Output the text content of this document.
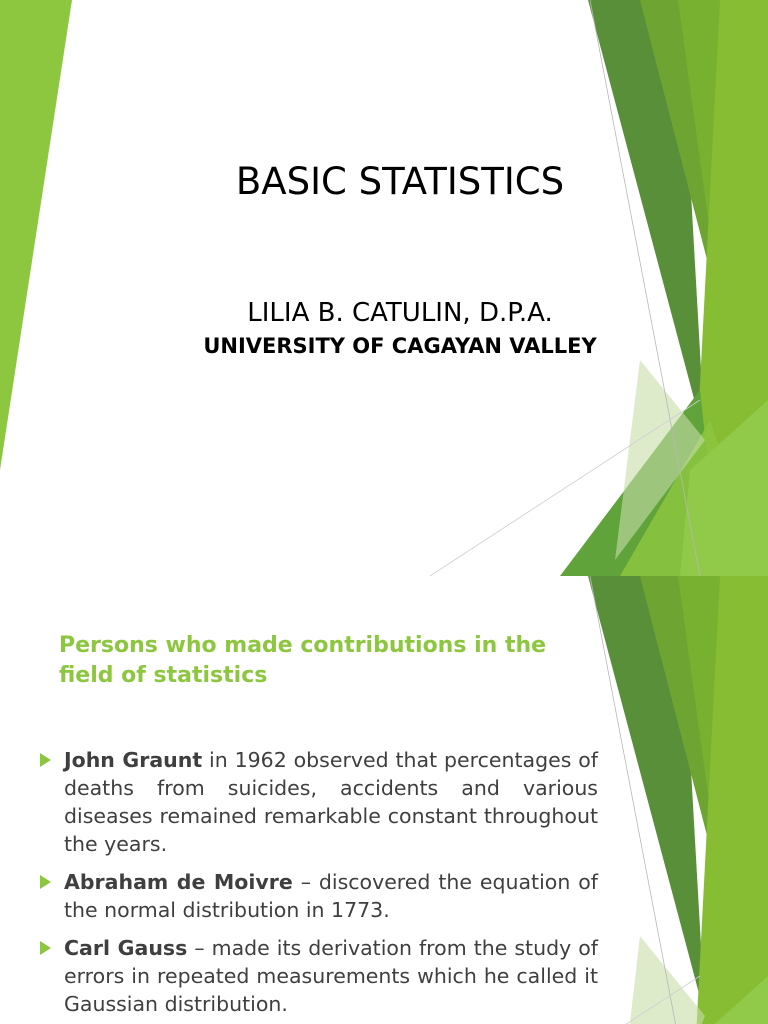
BASIC STATISTICS
LILIA B. CATULIN, D.P.A.
UNIVERSITY OF CAGAYAN VALLEY
Persons who made contributions in the field of statistics
John Graunt in 1962 observed that percentages of deaths from suicides, accidents and various diseases remained remarkable constant throughout the years.
Abraham de Moivre – discovered the equation of the normal distribution in 1773.
Carl Gauss – made its derivation from the study of errors in repeated measurements which he called it Gaussian distribution.
